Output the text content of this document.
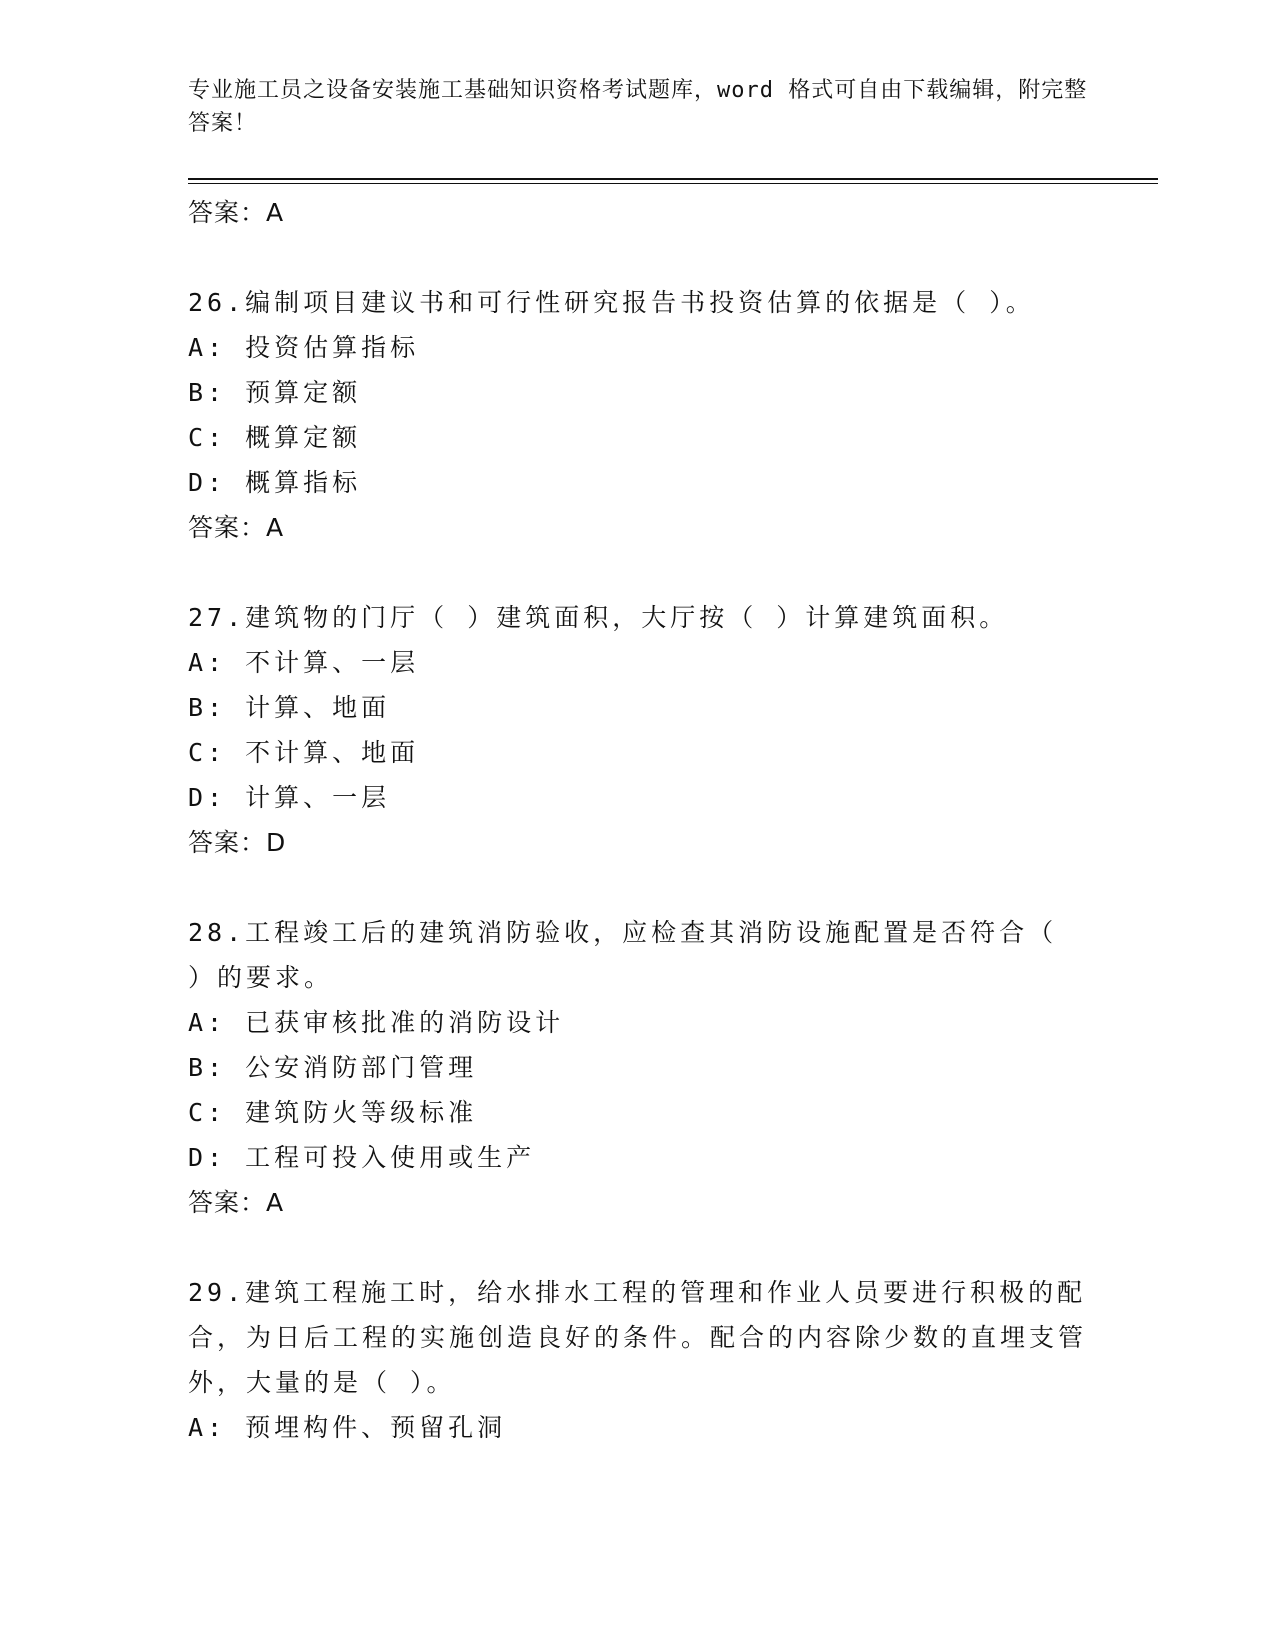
专业施工员之设备安装施工基础知识资格考试题库，word 格式可自由下载编辑，附完整答案！
答案：A
26.编制项目建议书和可行性研究报告书投资估算的依据是（ ）。
A: 投资估算指标
B: 预算定额
C: 概算定额
D: 概算指标
答案：A
27.建筑物的门厅（ ）建筑面积，大厅按（ ）计算建筑面积。
A: 不计算、一层
B: 计算、地面
C: 不计算、地面
D: 计算、一层
答案：D
28.工程竣工后的建筑消防验收，应检查其消防设施配置是否符合（ ）的要求。
A: 已获审核批准的消防设计
B: 公安消防部门管理
C: 建筑防火等级标准
D: 工程可投入使用或生产
答案：A
29.建筑工程施工时，给水排水工程的管理和作业人员要进行积极的配合，为日后工程的实施创造良好的条件。配合的内容除少数的直埋支管外，大量的是（ ）。
A: 预埋构件、预留孔洞
